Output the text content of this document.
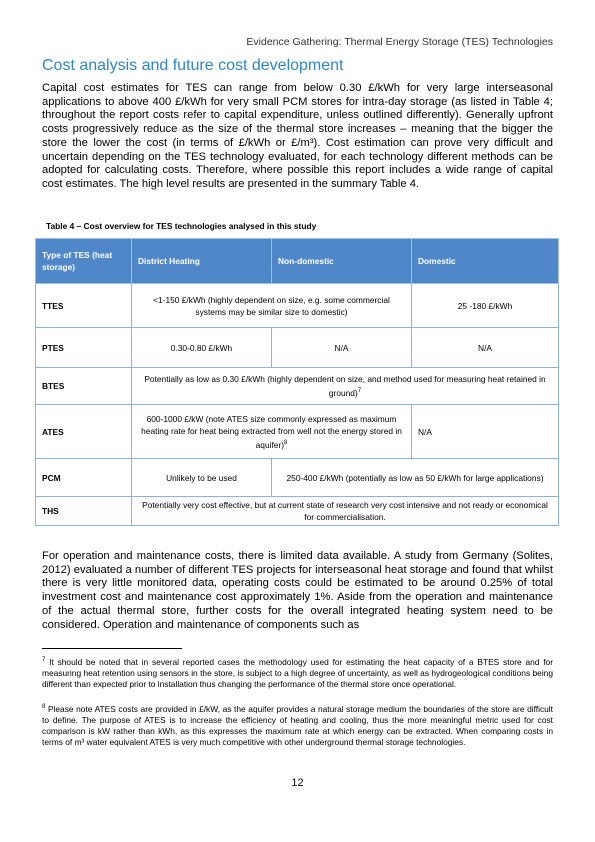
Evidence Gathering: Thermal Energy Storage (TES) Technologies
Cost analysis and future cost development
Capital cost estimates for TES can range from below 0.30 £/kWh for very large interseasonal applications to above 400 £/kWh for very small PCM stores for intra-day storage (as listed in Table 4; throughout the report costs refer to capital expenditure, unless outlined differently). Generally upfront costs progressively reduce as the size of the thermal store increases – meaning that the bigger the store the lower the cost (in terms of £/kWh or £/m³). Cost estimation can prove very difficult and uncertain depending on the TES technology evaluated, for each technology different methods can be adopted for calculating costs. Therefore, where possible this report includes a wide range of capital cost estimates. The high level results are presented in the summary Table 4.
Table 4 – Cost overview for TES technologies analysed in this study
Type of TES (heat storage)	District Heating	Non-domestic	Domestic
TTES	<1-150 £/kWh (highly dependent on size, e.g. some commercial systems may be similar size to domestic)		25 -180 £/kWh
PTES	0.30-0.80 £/kWh	N/A	N/A
BTES	Potentially as low as 0.30 £/kWh (highly dependent on size, and method used for measuring heat retained in ground)$^7$
ATES	600-1000 £/kW (note ATES size commonly expressed as maximum heating rate for heat being extracted from well not the energy stored in aquifer)$^8$		N/A
PCM	Unlikely to be used	250-400 £/kWh (potentially as low as 50 £/kWh for large applications)	
THS	Potentially very cost effective, but at current state of research very cost intensive and not ready or economical for commercialisation.		
For operation and maintenance costs, there is limited data available. A study from Germany (Solites, 2012) evaluated a number of different TES projects for interseasonal heat storage and found that whilst there is very little monitored data, operating costs could be estimated to be around 0.25% of total investment cost and maintenance cost approximately 1%. Aside from the operation and maintenance of the actual thermal store, further costs for the overall integrated heating system need to be considered. Operation and maintenance of components such as
$^7$ It should be noted that in several reported cases the methodology used for estimating the heat capacity of a BTES store and for measuring heat retention using sensors in the store, is subject to a high degree of uncertainty, as well as hydrogeological conditions being different than expected prior to installation thus changing the performance of the thermal store once operational.
$^8$ Please note ATES costs are provided in £/kW, as the aquifer provides a natural storage medium the boundaries of the store are difficult to define. The purpose of ATES is to increase the efficiency of heating and cooling, thus the more meaningful metric used for cost comparison is kW rather than kWh, as this expresses the maximum rate at which energy can be extracted. When comparing costs in terms of m³ water equivalent ATES is very much competitive with other underground thermal storage technologies.
12
